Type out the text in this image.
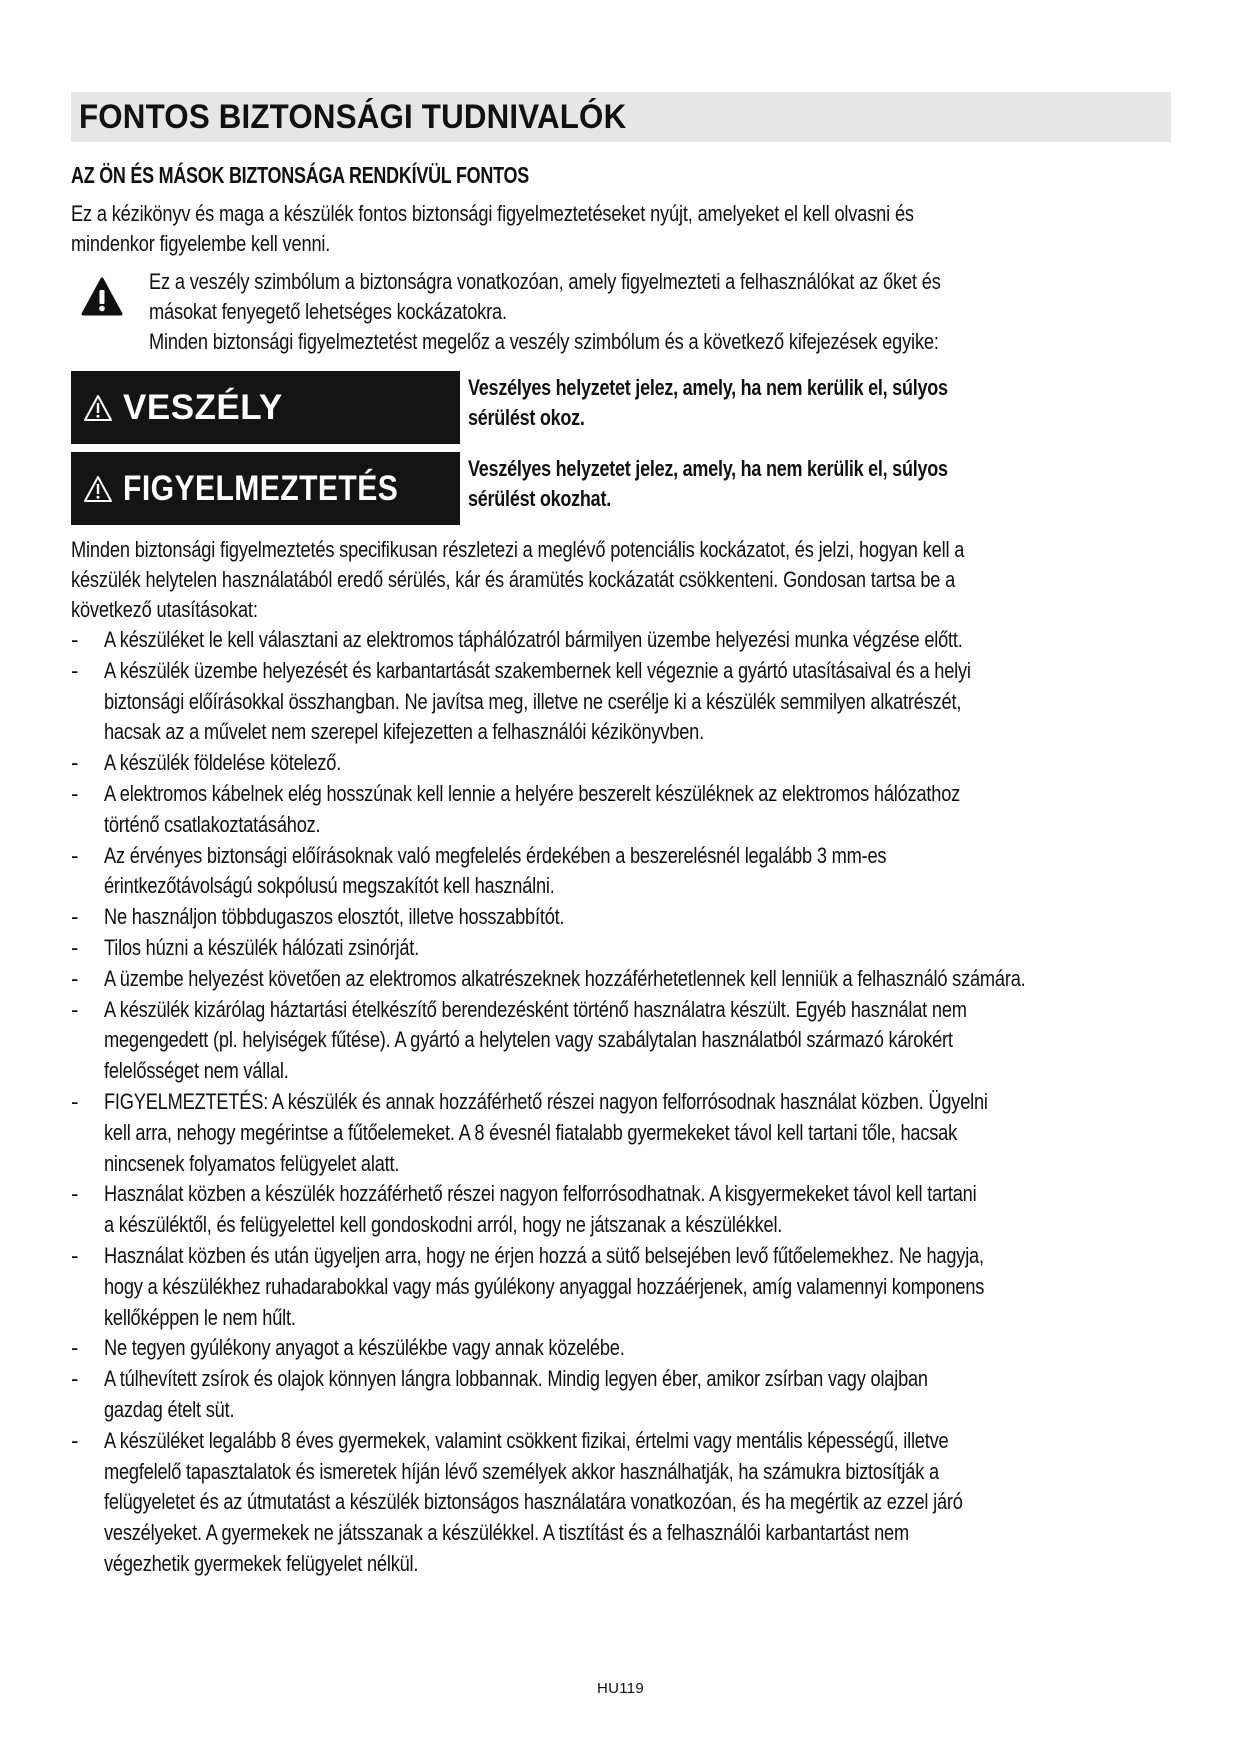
FONTOS BIZTONSÁGI TUDNIVALÓK
AZ ÖN ÉS MÁSOK BIZTONSÁGA RENDKÍVÜL FONTOS
Ez a kézikönyv és maga a készülék fontos biztonsági figyelmeztetéseket nyújt, amelyeket el kell olvasni és
mindenkor figyelembe kell venni.
Ez a veszély szimbólum a biztonságra vonatkozóan, amely figyelmezteti a felhasználókat az őket és
másokat fenyegető lehetséges kockázatokra.
Minden biztonsági figyelmeztetést megelőz a veszély szimbólum és a következő kifejezések egyike:
VESZÉLY	Veszélyes helyzetet jelez, amely, ha nem kerülik el, súlyos
sérülést okoz.
FIGYELMEZTETÉS	Veszélyes helyzetet jelez, amely, ha nem kerülik el, súlyos
sérülést okozhat.
Minden biztonsági figyelmeztetés specifikusan részletezi a meglévő potenciális kockázatot, és jelzi, hogyan kell a
készülék helytelen használatából eredő sérülés, kár és áramütés kockázatát csökkenteni. Gondosan tartsa be a
következő utasításokat:
- A készüléket le kell választani az elektromos táphálózatról bármilyen üzembe helyezési munka végzése előtt.
- A készülék üzembe helyezését és karbantartását szakembernek kell végeznie a gyártó utasításaival és a helyi
biztonsági előírásokkal összhangban. Ne javítsa meg, illetve ne cserélje ki a készülék semmilyen alkatrészét,
hacsak az a művelet nem szerepel kifejezetten a felhasználói kézikönyvben.
- A készülék földelése kötelező.
- A elektromos kábelnek elég hosszúnak kell lennie a helyére beszerelt készüléknek az elektromos hálózathoz
történő csatlakoztatásához.
- Az érvényes biztonsági előírásoknak való megfelelés érdekében a beszerelésnél legalább 3 mm-es
érintkezőtávolságú sokpólusú megszakítót kell használni.
- Ne használjon többdugaszos elosztót, illetve hosszabbítót.
- Tilos húzni a készülék hálózati zsinórját.
- A üzembe helyezést követően az elektromos alkatrészeknek hozzáférhetetlennek kell lenniük a felhasználó számára.
- A készülék kizárólag háztartási ételkészítő berendezésként történő használatra készült. Egyéb használat nem
megengedett (pl. helyiségek fűtése). A gyártó a helytelen vagy szabálytalan használatból származó károkért
felelősséget nem vállal.
- FIGYELMEZTETÉS: A készülék és annak hozzáférhető részei nagyon felforrósodnak használat közben. Ügyelni
kell arra, nehogy megérintse a fűtőelemeket. A 8 évesnél fiatalabb gyermekeket távol kell tartani tőle, hacsak
nincsenek folyamatos felügyelet alatt.
- Használat közben a készülék hozzáférhető részei nagyon felforrósodhatnak. A kisgyermekeket távol kell tartani
a készüléktől, és felügyelettel kell gondoskodni arról, hogy ne játszanak a készülékkel.
- Használat közben és után ügyeljen arra, hogy ne érjen hozzá a sütő belsejében levő fűtőelemekhez. Ne hagyja,
hogy a készülékhez ruhadarabokkal vagy más gyúlékony anyaggal hozzáérjenek, amíg valamennyi komponens
kellőképpen le nem hűlt.
- Ne tegyen gyúlékony anyagot a készülékbe vagy annak közelébe.
- A túlhevített zsírok és olajok könnyen lángra lobbannak. Mindig legyen éber, amikor zsírban vagy olajban
gazdag ételt süt.
- A készüléket legalább 8 éves gyermekek, valamint csökkent fizikai, értelmi vagy mentális képességű, illetve
megfelelő tapasztalatok és ismeretek híján lévő személyek akkor használhatják, ha számukra biztosítják a
felügyeletet és az útmutatást a készülék biztonságos használatára vonatkozóan, és ha megértik az ezzel járó
veszélyeket. A gyermekek ne játsszanak a készülékkel. A tisztítást és a felhasználói karbantartást nem
végezhetik gyermekek felügyelet nélkül.
HU119
